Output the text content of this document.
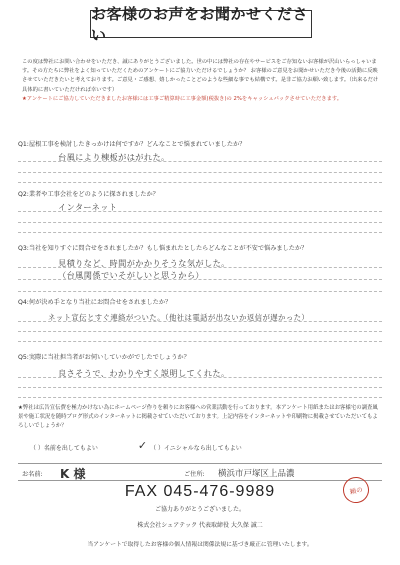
お客様のお声をお聞かせください

この度は弊社にお問い合わせをいただき、誠にありがとうございました。世の中には弊社の存在やサービスをご存知ないお客様が沢山いらっしゃいます。その方たちに弊社をよく知っていただくためのアンケートにご協力いただけるでしょうか？ お客様のご意見をお聞かせいただき今後の活動に反映させていただきたいと考えております。ご意見・ご感想、嬉しかったことどのような些細な事でも結構です。是非ご協力お願い致します。（出来るだけ具体的に書いていただければ幸いです）

★アンケートにご協力していただきましたお客様には工事ご精算時に工事金額(税抜き)の 2%をキャッシュバックさせていただきます。

Q1:屋根工事を検討したきっかけは何ですか？どんなことで悩まれていましたか？
台風により棟板がはがれた。
Q2:業者や工事会社をどのように探されましたか？
インターネット
Q3:当社を知りすぐに問合せをされましたか？もし悩まれたとしたらどんなことが不安で悩みましたか？
見積りなど、時間がかかりそうな気がした。
（台風関係でいそがしいと思うから）
Q4:何が決め手となり当社にお問合せをされましたか？
ネット宣伝とすぐ連絡がついた。（他社は電話が出ないか返信が遅かった）
Q5:実際に当社担当者がお伺いしていかがでしたでしょうか？
良さそうで、わかりやすく説明してくれた。

★弊社は広告宣伝費を極力かけない為にホームページ作りを頼りにお客様への営業活動を行っております。本アンケート用紙またはお客様宅の調査風景や施工状況を随時ブログ形式のインターネットに掲載させていただいております。上記内容をインターネットや印刷物に掲載させていただいてもよろしいでしょうか？

（ ）名前を出してもよい	✓ （ ）イニシャルなら出してもよい
お名前: K 様	ご住所: 横浜市戸塚区上品濃
頼の
FAX 045-476-9989
ご協力ありがとうございました。
株式会社シェアテック 代表取締役 大久保 誠二
当アンケートで取得したお客様の個人情報は関係法規に基づき厳正に管理いたします。
